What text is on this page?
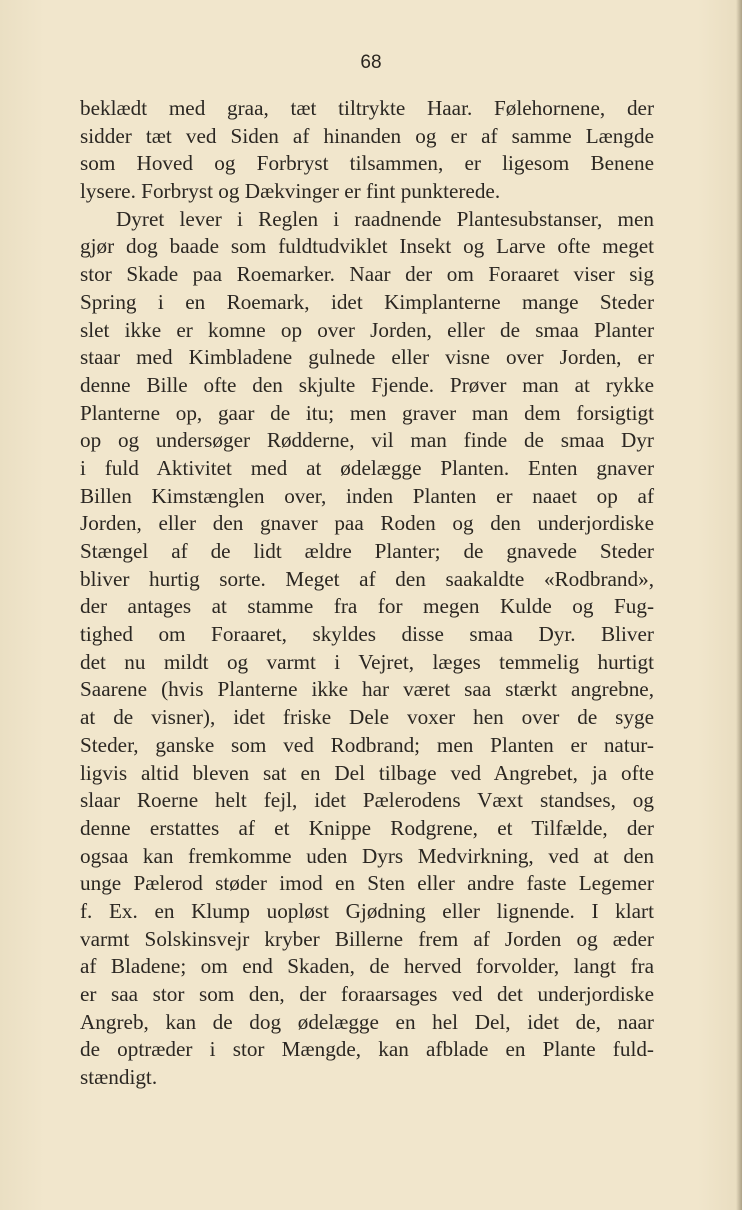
68
beklædt med graa, tæt tiltrykte Haar. Følehornene, der
sidder tæt ved Siden af hinanden og er af samme Længde
som Hoved og Forbryst tilsammen, er ligesom Benene
lysere. Forbryst og Dækvinger er fint punkterede.
Dyret lever i Reglen i raadnende Plantesubstanser, men
gjør dog baade som fuldtudviklet Insekt og Larve ofte meget
stor Skade paa Roemarker. Naar der om Foraaret viser sig
Spring i en Roemark, idet Kimplanterne mange Steder
slet ikke er komne op over Jorden, eller de smaa Planter
staar med Kimbladene gulnede eller visne over Jorden, er
denne Bille ofte den skjulte Fjende. Prøver man at rykke
Planterne op, gaar de itu; men graver man dem forsigtigt
op og undersøger Rødderne, vil man finde de smaa Dyr
i fuld Aktivitet med at ødelægge Planten. Enten gnaver
Billen Kimstænglen over, inden Planten er naaet op af
Jorden, eller den gnaver paa Roden og den underjordiske
Stængel af de lidt ældre Planter; de gnavede Steder
bliver hurtig sorte. Meget af den saakaldte «Rodbrand»,
der antages at stamme fra for megen Kulde og Fug-
tighed om Foraaret, skyldes disse smaa Dyr. Bliver
det nu mildt og varmt i Vejret, læges temmelig hurtigt
Saarene (hvis Planterne ikke har været saa stærkt angrebne,
at de visner), idet friske Dele voxer hen over de syge
Steder, ganske som ved Rodbrand; men Planten er natur-
ligvis altid bleven sat en Del tilbage ved Angrebet, ja ofte
slaar Roerne helt fejl, idet Pælerodens Væxt standses, og
denne erstattes af et Knippe Rodgrene, et Tilfælde, der
ogsaa kan fremkomme uden Dyrs Medvirkning, ved at den
unge Pælerod støder imod en Sten eller andre faste Legemer
f. Ex. en Klump uopløst Gjødning eller lignende. I klart
varmt Solskinsvejr kryber Billerne frem af Jorden og æder
af Bladene; om end Skaden, de herved forvolder, langt fra
er saa stor som den, der foraarsages ved det underjordiske
Angreb, kan de dog ødelægge en hel Del, idet de, naar
de optræder i stor Mængde, kan afblade en Plante fuld-
stændigt.
